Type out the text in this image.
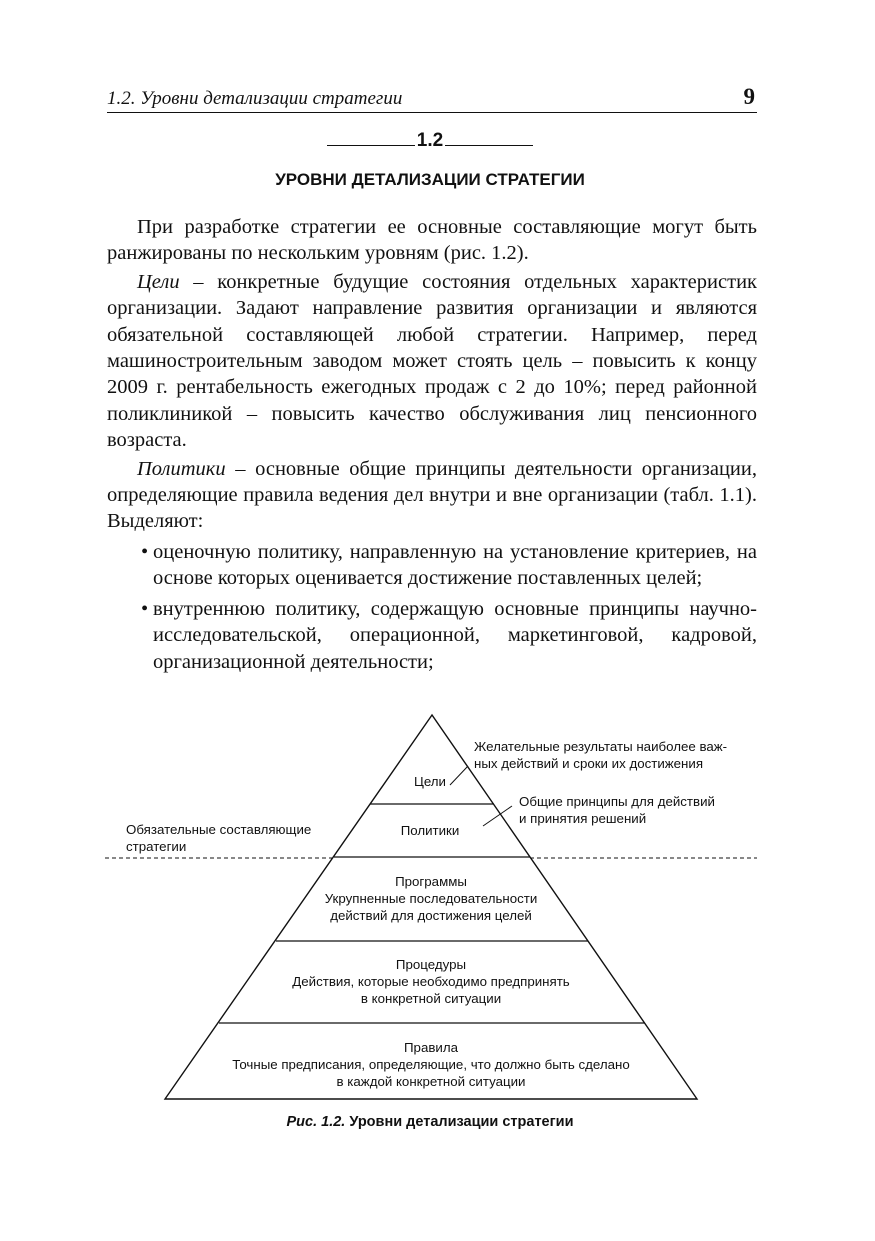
1.2. Уровни детализации стратегии	9
1.2
УРОВНИ ДЕТАЛИЗАЦИИ СТРАТЕГИИ

При разработке стратегии ее основные составляющие могут быть ранжированы по нескольким уровням (рис. 1.2).

Цели – конкретные будущие состояния отдельных характеристик организации. Задают направление развития организации и являются обязательной составляющей любой стратегии. Например, перед машиностроительным заводом может стоять цель – повысить к концу 2009 г. рентабельность ежегодных продаж с 2 до 10%; перед районной поликлиникой – повысить качество обслуживания лиц пенсионного возраста.

Политики – основные общие принципы деятельности организации, определяющие правила ведения дел внутри и вне организации (табл. 1.1). Выделяют:

• оценочную политику, направленную на установление критериев, на основе которых оценивается достижение поставленных целей;
• внутреннюю политику, содержащую основные принципы научно-исследовательской, операционной, маркетинговой, кадровой, организационной деятельности;
Цели
Политики
Программы
Укрупненные последовательности
действий для достижения целей
Процедуры
Действия, которые необходимо предпринять
в конкретной ситуации
Правила
Точные предписания, определяющие, что должно быть сделано
в каждой конкретной ситуации
Желательные результаты наиболее важ-
ных действий и сроки их достижения
Общие принципы для действий
и принятия решений
Обязательные составляющие
стратегии
Рис. 1.2. Уровни детализации стратегии
